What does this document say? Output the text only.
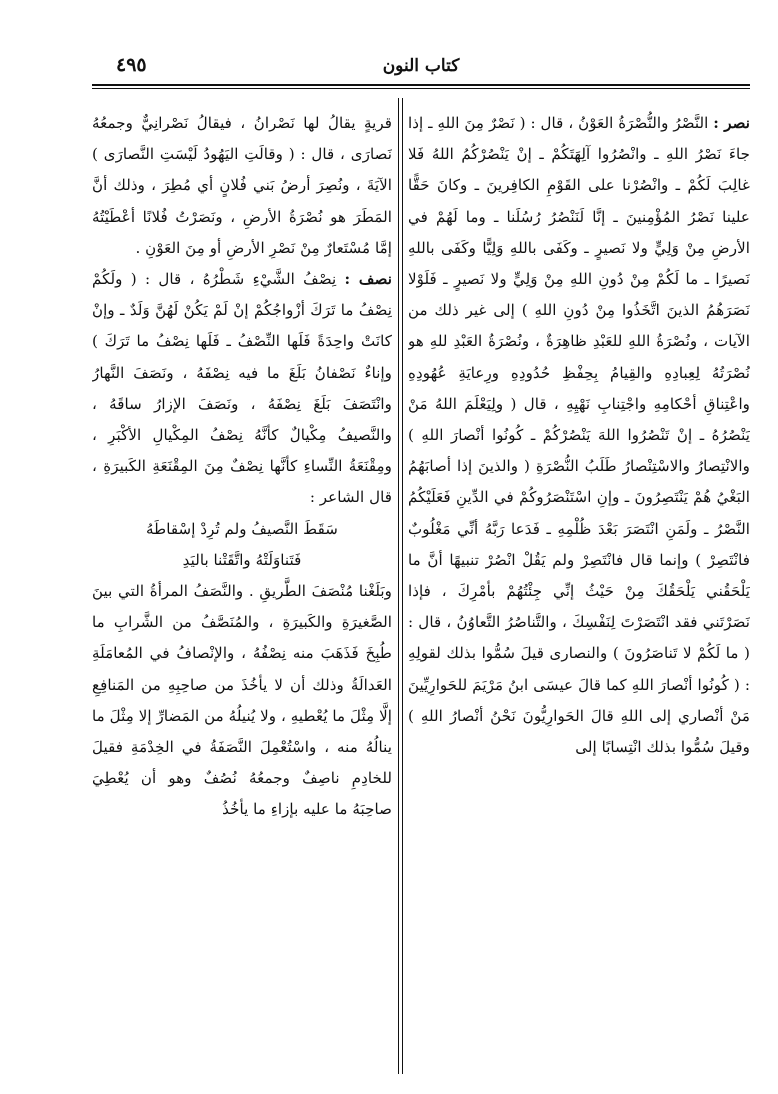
٤٩٥	كتاب النون

نصر : النَّصْرُ والنُّصْرَةُ العَوْنُ ، قال : ( نَصْرٌ مِنَ اللهِ ـ إذا جاءَ نَصْرُ اللهِ ـ وانْصُرُوا آلِهَتَكُمْ ـ إنْ يَنْصُرْكُمُ اللهُ فَلا غالِبَ لَكُمْ ـ وانْصُرْنا على القَوْمِ الكافِرينَ ـ وكانَ حَقًّا علينا نَصْرُ المُؤْمِنينَ ـ إنَّا لَنَنْصُرُ رُسُلَنا ـ وما لَهُمْ في الأرضِ مِنْ وَلِيٍّ ولا نَصيرٍ ـ وكَفَى باللهِ وَلِيًّا وكَفَى باللهِ نَصيرًا ـ ما لَكُمْ مِنْ دُونِ اللهِ مِنْ وَلِيٍّ ولا نَصيرٍ ـ فَلَوْلا نَصَرَهُمُ الذينَ اتَّخَذُوا مِنْ دُونِ اللهِ ) إلى غير ذلك من الآيات ، ونُصْرَةُ اللهِ للعَبْدِ ظاهِرَةٌ ، ونُصْرَةُ العَبْدِ للهِ هو نُصْرَتُهُ لِعِبادِهِ والقِيامُ بِحِفْظِ حُدُودِهِ ورِعايَةِ عُهُودِهِ واعْتِناقِ أحْكامِهِ واجْتِنابِ نَهْيِهِ ، قال ( ولِيَعْلَمَ اللهُ مَنْ يَنْصُرُهُ ـ إنْ تَنْصُرُوا اللهَ يَنْصُرْكُمْ ـ كُونُوا أنْصارَ اللهِ ) والانْتِصارُ والاسْتِنْصارُ طَلَبُ النُّصْرَةِ ( والذينَ إذا أصابَهُمُ البَغْيُ هُمْ يَنْتَصِرُونَ ـ وإنِ اسْتَنْصَرُوكُمْ في الدِّينِ فَعَلَيْكُمُ النَّصْرُ ـ ولَمَنِ انْتَصَرَ بَعْدَ ظُلْمِهِ ـ فَدَعا رَبَّهُ أنِّي مَغْلُوبٌ فانْتَصِرْ ) وإنما قال فانْتَصِرْ ولم يَقُلْ انْصُرْ تنبيهًا أنَّ ما يَلْحَقُني يَلْحَقُكَ مِنْ حَيْثُ إنِّي جِئْتُهُمْ بأمْرِكَ ، فإذا نَصَرْتَني فقد انْتَصَرْتَ لِنَفْسِكَ ، والتَّناصُرُ التَّعاوُنُ ، قال : ( ما لَكُمْ لا تَناصَرُونَ ) والنصارى قيلَ سُمُّوا بذلك لقولِهِ : ( كُونُوا أنْصارَ اللهِ كما قالَ عيسَى ابنُ مَرْيَمَ للحَوارِيِّينَ مَنْ أنْصاري إلى اللهِ قالَ الحَوارِيُّونَ نَحْنُ أنْصارُ اللهِ ) وقيلَ سُمُّوا بذلك انْتِسابًا إلى

قريةٍ يقالُ لها نَصْرانُ ، فيقالُ نَصْرانِيٌّ وجمعُهُ نَصارَى ، قال : ( وقالَتِ اليَهُودُ لَيْسَتِ النَّصارَى ) الآيَةَ ، ونُصِرَ أرضُ بَني فُلانٍ أي مُطِرَ ، وذلك أنَّ المَطَرَ هو نُصْرَةُ الأرضِ ، ونَصَرْتُ فُلانًا أعْطَيْتُهُ إمَّا مُسْتَعارٌ مِنْ نَصْرِ الأرضِ أو مِنَ العَوْنِ .

نصف : نِصْفُ الشَّيْءِ شَطْرُهُ ، قال : ( ولَكُمْ نِصْفُ ما تَرَكَ أزْواجُكُمْ إنْ لَمْ يَكُنْ لَهُنَّ وَلَدٌ ـ وإنْ كانَتْ واحِدَةً فَلَها النِّصْفُ ـ فَلَها نِصْفُ ما تَرَكَ ) وإناءٌ نَصْفانُ بَلَغَ ما فيه نِصْفَهُ ، ونَصَفَ النَّهارُ وانْتَصَفَ بَلَغَ نِصْفَهُ ، ونَصَفَ الإزارُ ساقَهُ ، والنَّصيفُ مِكْيالٌ كأنَّهُ نِصْفُ المِكْيالِ الأكْبَرِ ، ومِقْنَعَةُ النِّساءِ كأنَّها نِصْفٌ مِنَ المِقْنَعَةِ الكَبيرَةِ ، قال الشاعر :

سَقَطَ النَّصيفُ ولم تُرِدْ إسْقاطَهُ
فَتَناوَلَتْهُ واتَّقَتْنا باليَدِ

وبَلَغْنا مُنْصَفَ الطَّريقِ . والنَّصَفُ المرأةُ التي بينَ الصَّغيرَةِ والكَبيرَةِ ، والمُنَصَّفُ من الشَّرابِ ما طُبِخَ فَذَهَبَ منه نِصْفُهُ ، والإنْصافُ في المُعامَلَةِ العَدالَةُ وذلك أن لا يأخُذَ من صاحِبِهِ من المَنافِعِ إلَّا مِثْلَ ما يُعْطيهِ ، ولا يُنيلُهُ من المَضارِّ إلا مِثْلَ ما ينالُهُ منه ، واسْتُعْمِلَ النَّصَفَةُ في الخِدْمَةِ فقيلَ للخادِمِ ناصِفٌ وجمعُهُ نُصُفٌ وهو أن يُعْطِيَ صاحِبَهُ ما عليه بإزاءِ ما يأخُذُ
